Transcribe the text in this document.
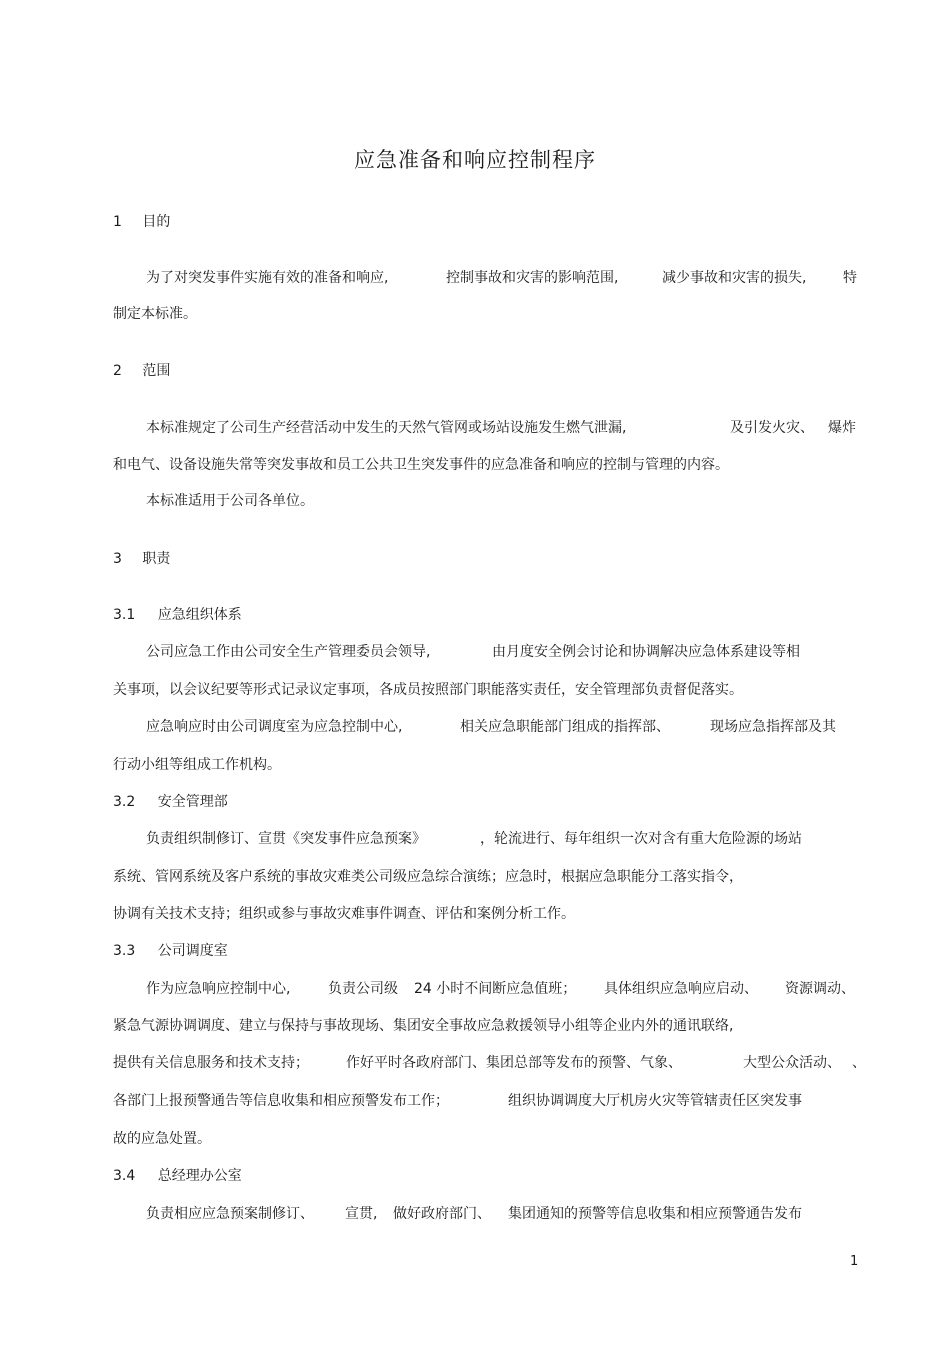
应急准备和响应控制程序
1 目的
为了对突发事件实施有效的准备和响应,	控制事故和灾害的影响范围,	减少事故和灾害的损失,	特
制定本标准。
2 范围
本标准规定了公司生产经营活动中发生的天然气管网或场站设施发生燃气泄漏,	及引发火灾、 爆炸
和电气、设备设施失常等突发事故和员工公共卫生突发事件的应急准备和响应的控制与管理的内容。
本标准适用于公司各单位。
3 职责
3.1 应急组织体系
公司应急工作由公司安全生产管理委员会领导,	由月度安全例会讨论和协调解决应急体系建设等相
关事项，以会议纪要等形式记录议定事项，各成员按照部门职能落实责任，安全管理部负责督促落实。
应急响应时由公司调度室为应急控制中心,	相关应急职能部门组成的指挥部、	现场应急指挥部及其
行动小组等组成工作机构。
3.2 安全管理部
负责组织制修订、宣贯《突发事件应急预案》	，轮流进行、每年组织一次对含有重大危险源的场站
系统、管网系统及客户系统的事故灾难类公司级应急综合演练；应急时，根据应急职能分工落实指令，
协调有关技术支持；组织或参与事故灾难事件调查、评估和案例分析工作。
3.3 公司调度室
作为应急响应控制中心,	负责公司级 24 小时不间断应急值班； 具体组织应急响应启动、 资源调动、
紧急气源协调调度、建立与保持与事故现场、集团安全事故应急救援领导小组等企业内外的通讯联络,
提供有关信息服务和技术支持；	作好平时各政府部门、集团总部等发布的预警、气象、	大型公众活动、 、
各部门上报预警通告等信息收集和相应预警发布工作；	组织协调调度大厅机房火灾等管辖责任区突发事
故的应急处置。
3.4 总经理办公室
负责相应应急预案制修订、 宣贯, 做好政府部门、 集团通知的预警等信息收集和相应预警通告发布
1
